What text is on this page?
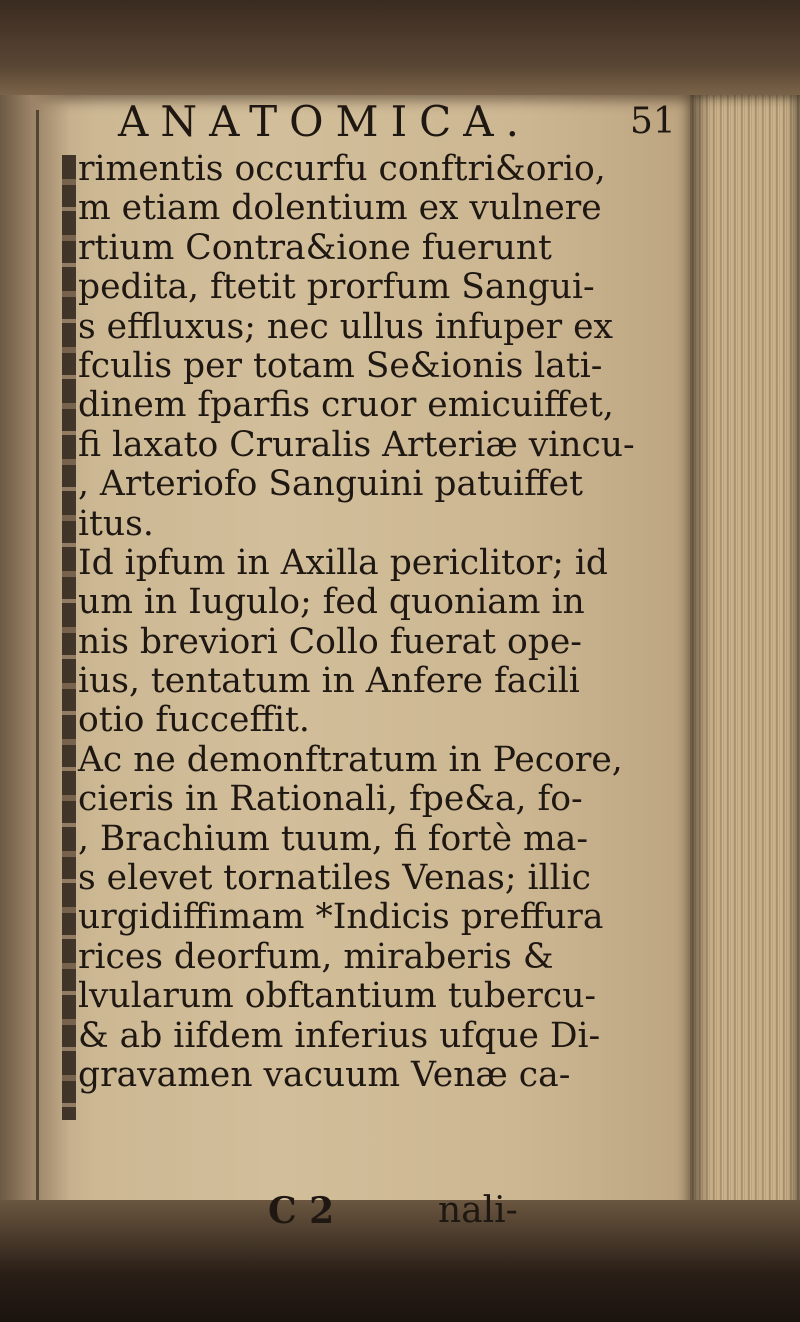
ANATOMICA.	51
rimentis occurfu conftri&orio,
m etiam dolentium ex vulnere
rtium Contra&ione fuerunt
pedita, ftetit prorfum Sangui-
s effluxus; nec ullus infuper ex
fculis per totam Se&ionis lati-
dinem fparfis cruor emicuiffet,
fi laxato Cruralis Arteriæ vincu-
, Arteriofo Sanguini patuiffet
itus.
Id ipfum in Axilla periclitor; id
um in Iugulo; fed quoniam in
nis breviori Collo fuerat ope-
ius, tentatum in Anfere facili
otio fucceffit.
Ac ne demonftratum in Pecore,
cieris in Rationali, fpe&a, fo-
, Brachium tuum, fi fortè ma-
s elevet tornatiles Venas; illic
urgidiffimam *Indicis preffura
rices deorfum, miraberis &
lvularum obftantium tubercu-
& ab iifdem inferius ufque Di-
gravamen vacuum Venæ ca-
C 2	nali-
